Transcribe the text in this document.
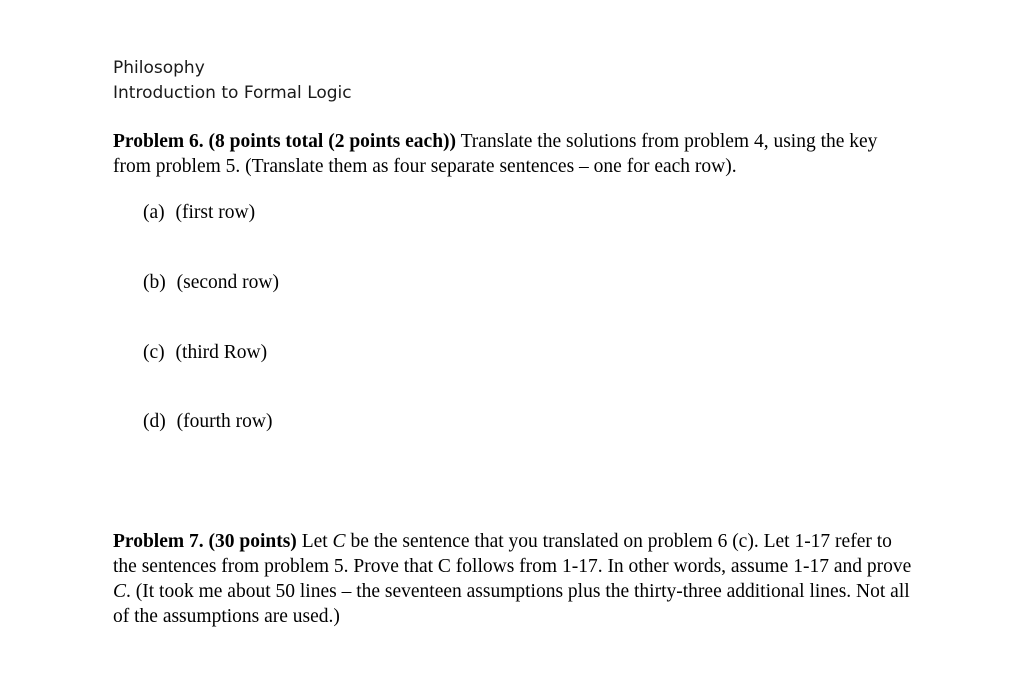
Philosophy
Introduction to Formal Logic
Problem 6. (8 points total (2 points each)) Translate the solutions from problem 4, using the key from problem 5. (Translate them as four separate sentences – one for each row).
(a) (first row)
(b) (second row)
(c) (third Row)
(d) (fourth row)
Problem 7. (30 points) Let C be the sentence that you translated on problem 6 (c). Let 1-17 refer to the sentences from problem 5. Prove that C follows from 1-17. In other words, assume 1-17 and prove C. (It took me about 50 lines – the seventeen assumptions plus the thirty-three additional lines. Not all of the assumptions are used.)
